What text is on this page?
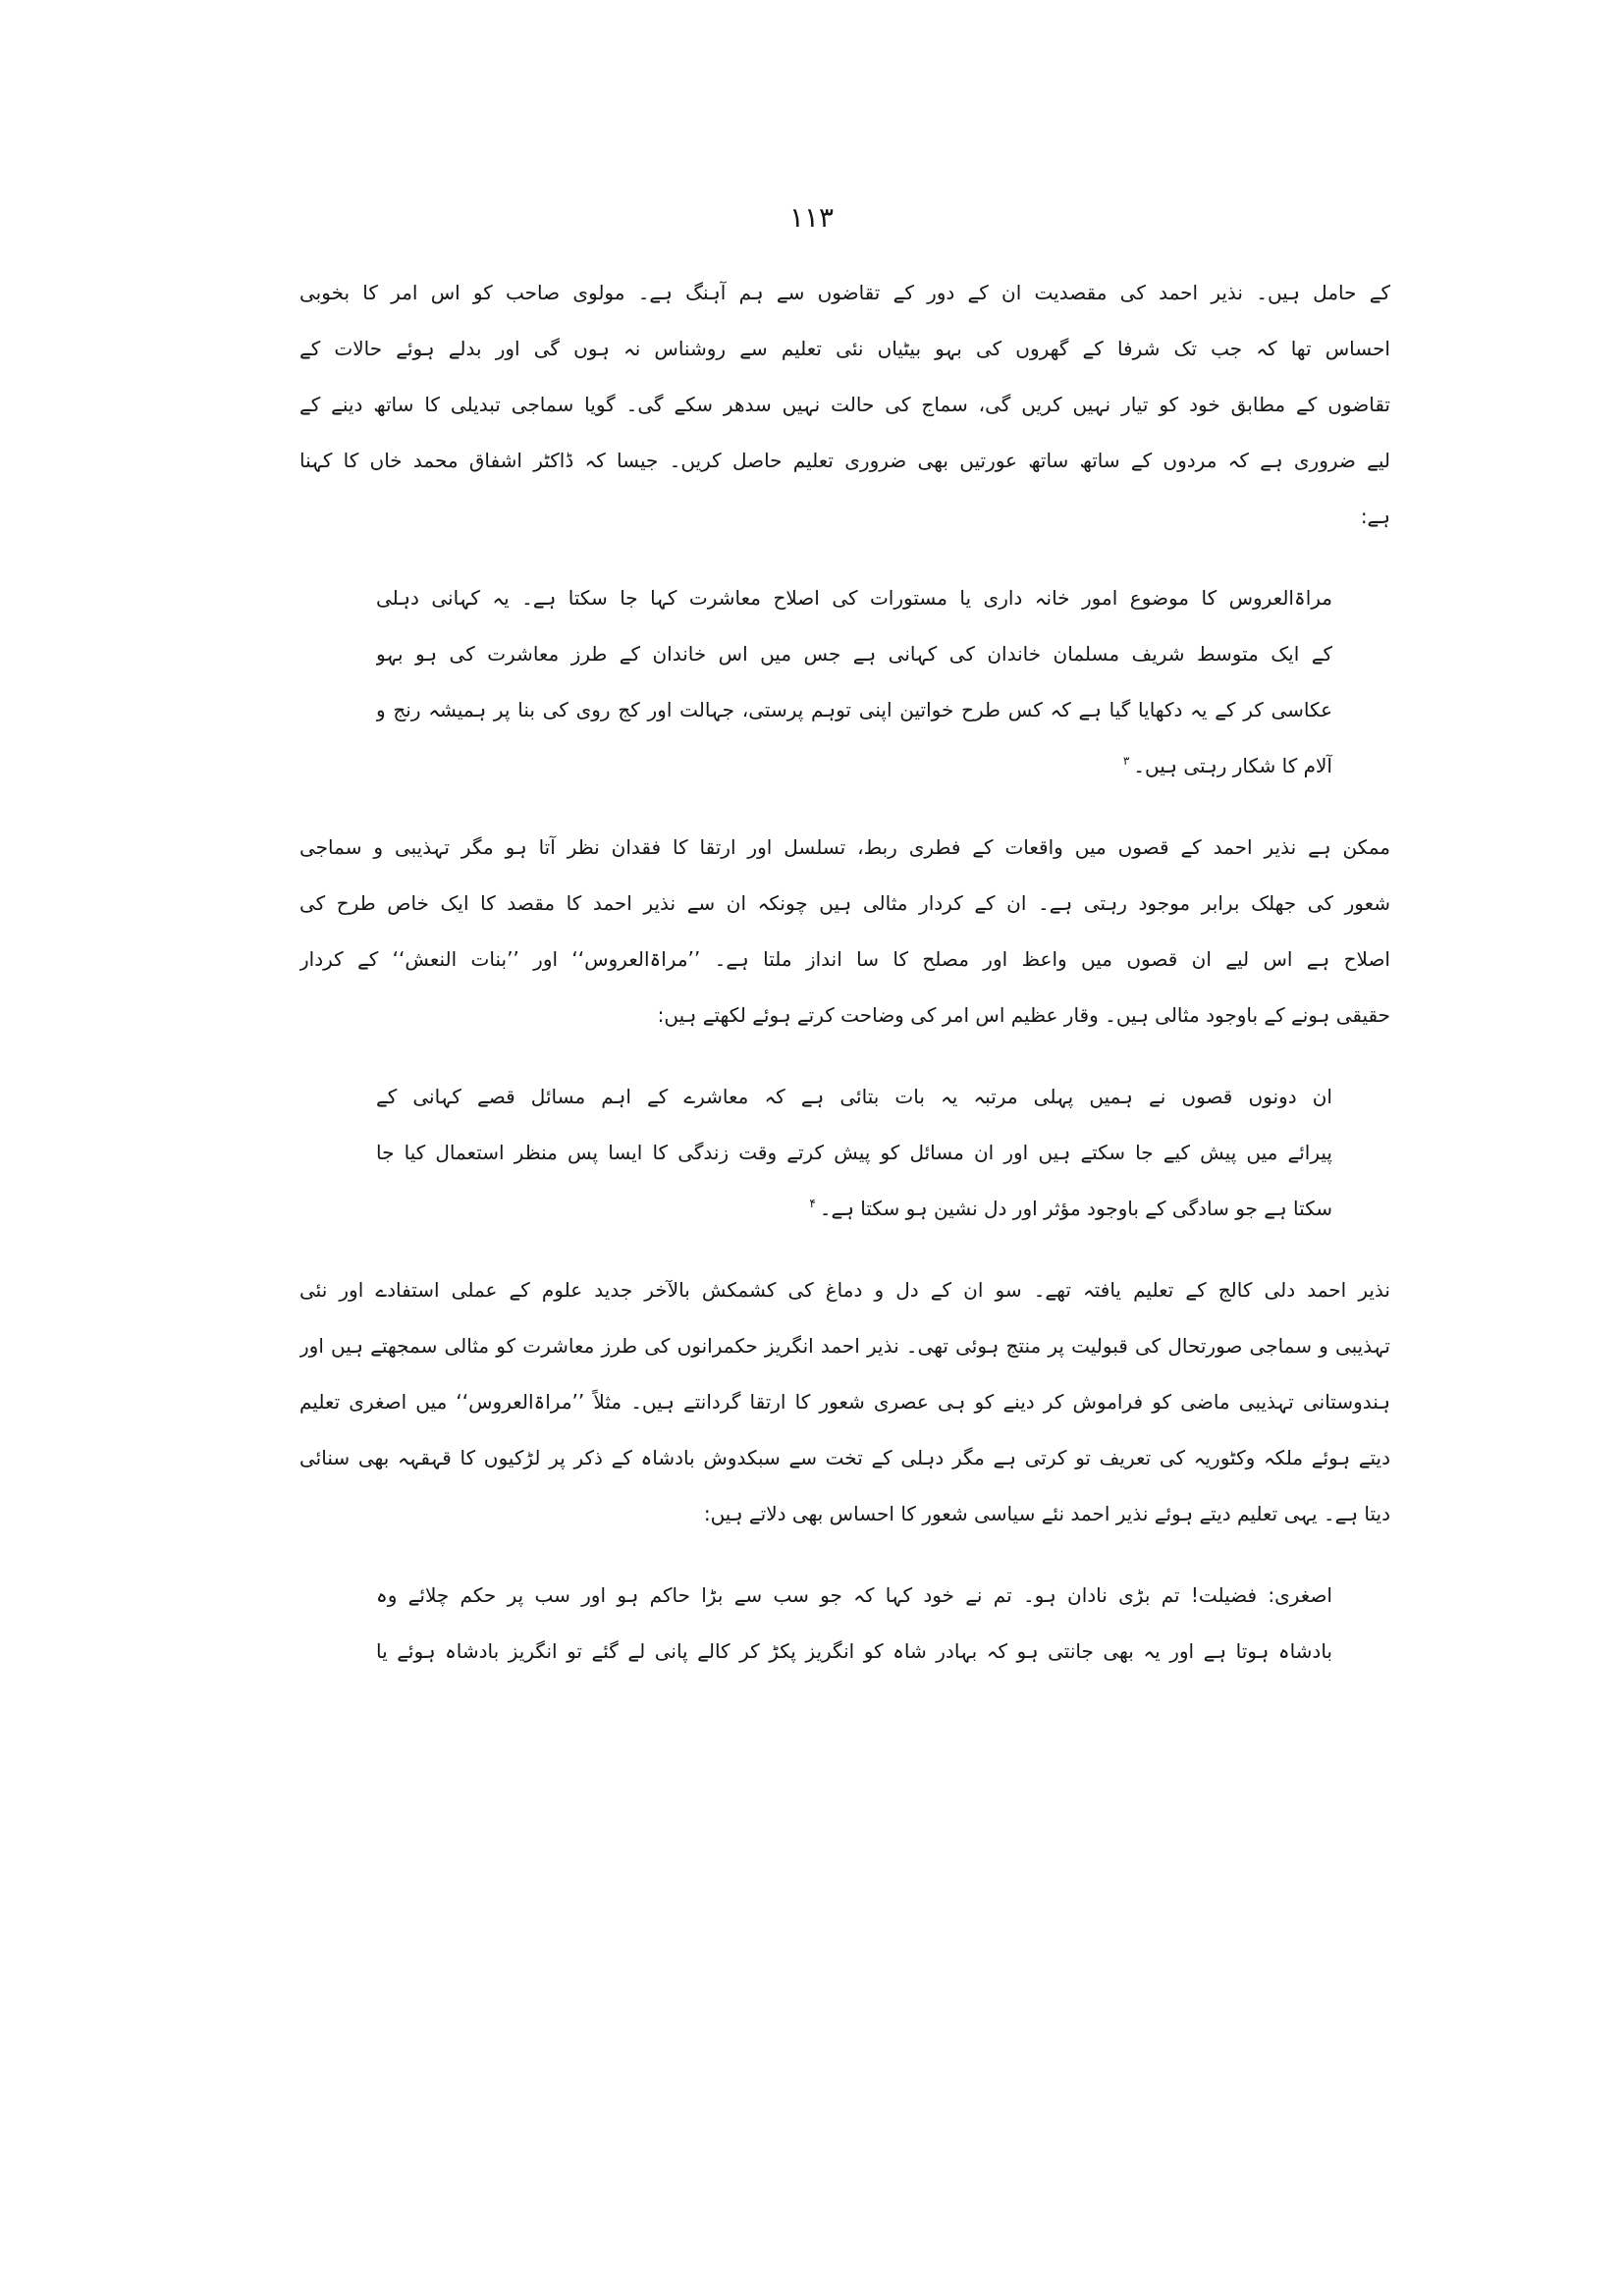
۱۱۳
کے حامل ہیں۔ نذیر احمد کی مقصدیت ان کے دور کے تقاضوں سے ہم آہنگ ہے۔ مولوی صاحب کو اس امر کا بخوبی
احساس تھا کہ جب تک شرفا کے گھروں کی بہو بیٹیاں نئی تعلیم سے روشناس نہ ہوں گی اور بدلے ہوئے حالات کے
تقاضوں کے مطابق خود کو تیار نہیں کریں گی، سماج کی حالت نہیں سدھر سکے گی۔ گویا سماجی تبدیلی کا ساتھ دینے کے
لیے ضروری ہے کہ مردوں کے ساتھ ساتھ عورتیں بھی ضروری تعلیم حاصل کریں۔ جیسا کہ ڈاکٹر اشفاق محمد خاں کا کہنا
ہے:
مراۃالعروس کا موضوع امور خانہ داری یا مستورات کی اصلاح معاشرت کہا جا سکتا ہے۔ یہ کہانی دہلی
کے ایک متوسط شریف مسلمان خاندان کی کہانی ہے جس میں اس خاندان کے طرز معاشرت کی ہو بہو
عکاسی کر کے یہ دکھایا گیا ہے کہ کس طرح خواتین اپنی توہم پرستی، جہالت اور کج روی کی بنا پر ہمیشہ رنج و
آلام کا شکار رہتی ہیں۔$^۳$
ممکن ہے نذیر احمد کے قصوں میں واقعات کے فطری ربط، تسلسل اور ارتقا کا فقدان نظر آتا ہو مگر تہذیبی و سماجی
شعور کی جھلک برابر موجود رہتی ہے۔ ان کے کردار مثالی ہیں چونکہ ان سے نذیر احمد کا مقصد کا ایک خاص طرح کی
اصلاح ہے اس لیے ان قصوں میں واعظ اور مصلح کا سا انداز ملتا ہے۔ ’’مراۃالعروس‘‘ اور ’’بنات النعش‘‘ کے کردار
حقیقی ہونے کے باوجود مثالی ہیں۔ وقار عظیم اس امر کی وضاحت کرتے ہوئے لکھتے ہیں:
ان دونوں قصوں نے ہمیں پہلی مرتبہ یہ بات بتائی ہے کہ معاشرے کے اہم مسائل قصے کہانی کے
پیرائے میں پیش کیے جا سکتے ہیں اور ان مسائل کو پیش کرتے وقت زندگی کا ایسا پس منظر استعمال کیا جا
سکتا ہے جو سادگی کے باوجود مؤثر اور دل نشین ہو سکتا ہے۔$^۴$
نذیر احمد دلی کالج کے تعلیم یافتہ تھے۔ سو ان کے دل و دماغ کی کشمکش بالآخر جدید علوم کے عملی استفادے اور نئی
تہذیبی و سماجی صورتحال کی قبولیت پر منتج ہوئی تھی۔ نذیر احمد انگریز حکمرانوں کی طرز معاشرت کو مثالی سمجھتے ہیں اور
ہندوستانی تہذیبی ماضی کو فراموش کر دینے کو ہی عصری شعور کا ارتقا گردانتے ہیں۔ مثلاً ’’مراۃالعروس‘‘ میں اصغری تعلیم
دیتے ہوئے ملکہ وکٹوریہ کی تعریف تو کرتی ہے مگر دہلی کے تخت سے سبکدوش بادشاہ کے ذکر پر لڑکیوں کا قہقہہ بھی سنائی
دیتا ہے۔ یہی تعلیم دیتے ہوئے نذیر احمد نئے سیاسی شعور کا احساس بھی دلاتے ہیں:
اصغری: فضیلت! تم بڑی نادان ہو۔ تم نے خود کہا کہ جو سب سے بڑا حاکم ہو اور سب پر حکم چلائے وہ
بادشاہ ہوتا ہے اور یہ بھی جانتی ہو کہ بہادر شاہ کو انگریز پکڑ کر کالے پانی لے گئے تو انگریز بادشاہ ہوئے یا
